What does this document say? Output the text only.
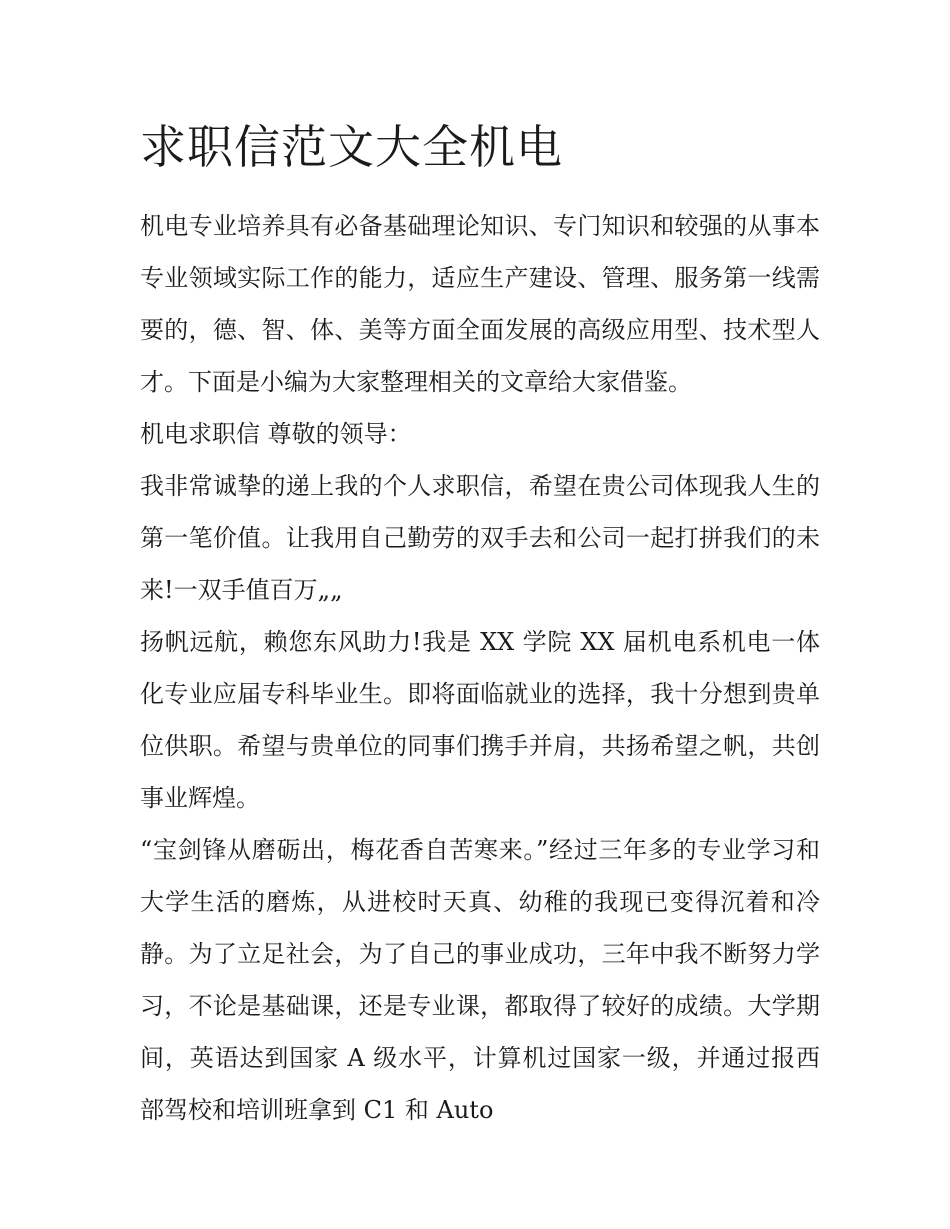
求职信范文大全机电

机电专业培养具有必备基础理论知识、专门知识和较强的从事本专业领域实际工作的能力，适应生产建设、管理、服务第一线需要的，德、智、体、美等方面全面发展的高级应用型、技术型人才。下面是小编为大家整理相关的文章给大家借鉴。

机电求职信 尊敬的领导：

我非常诚挚的递上我的个人求职信，希望在贵公司体现我人生的第一笔价值。让我用自己勤劳的双手去和公司一起打拼我们的未来!一双手值百万„„

扬帆远航，赖您东风助力!我是 XX 学院 XX 届机电系机电一体化专业应届专科毕业生。即将面临就业的选择，我十分想到贵单位供职。希望与贵单位的同事们携手并肩，共扬希望之帆，共创事业辉煌。

“宝剑锋从磨砺出，梅花香自苦寒来。”经过三年多的专业学习和大学生活的磨炼，从进校时天真、幼稚的我现已变得沉着和冷静。为了立足社会，为了自己的事业成功，三年中我不断努力学习，不论是基础课，还是专业课，都取得了较好的成绩。大学期间，英语达到国家 A 级水平，计算机过国家一级，并通过报西部驾校和培训班拿到 C1 和 Auto
